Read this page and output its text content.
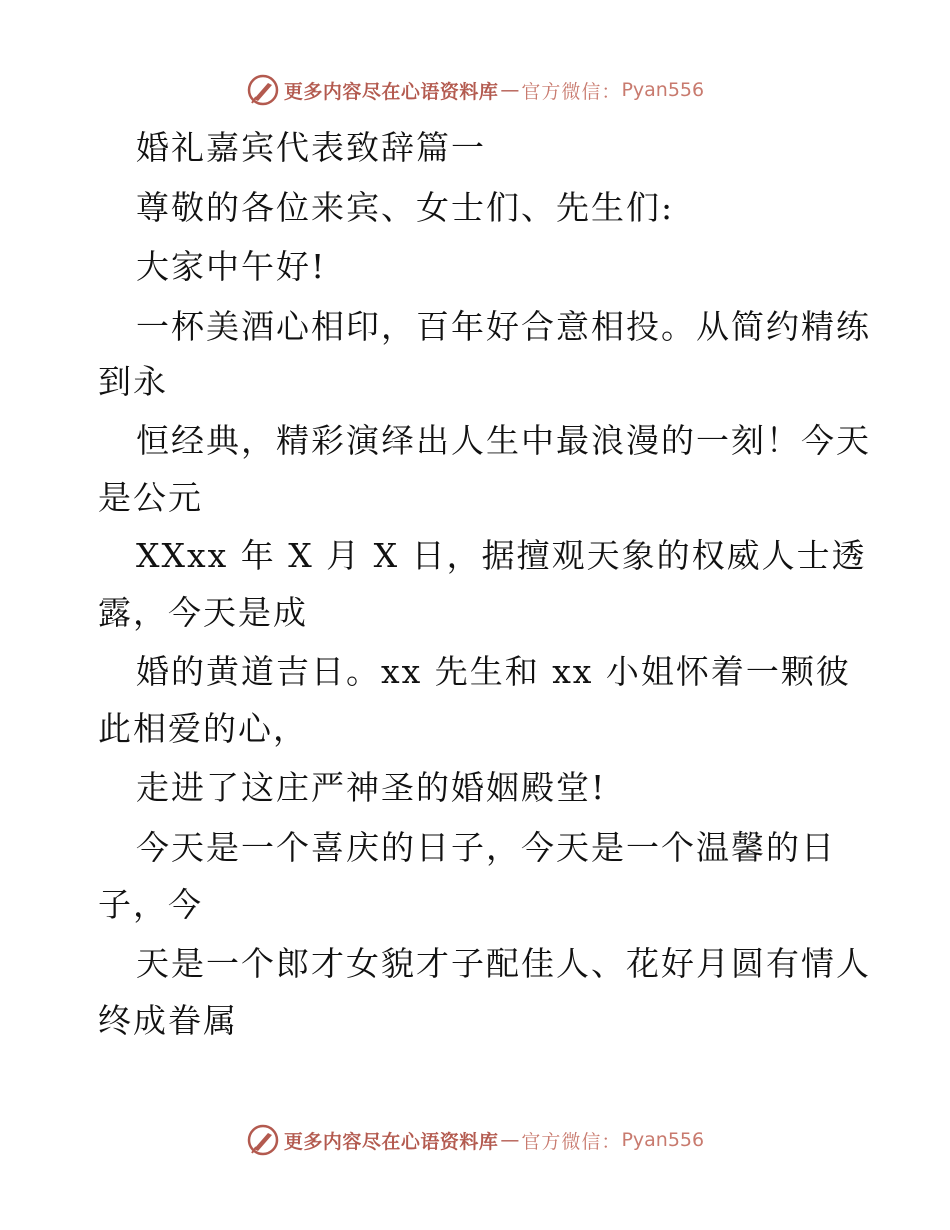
更多内容尽在心语资料库 — 官方微信： Pyan556
婚礼嘉宾代表致辞篇一
尊敬的各位来宾、女士们、先生们:
大家中午好!
一杯美酒心相印，百年好合意相投。从简约精练
到永
恒经典，精彩演绎出人生中最浪漫的一刻！今天
是公元
XXxx 年 X 月 X 日，据擅观天象的权威人士透
露，今天是成
婚的黄道吉日。xx 先生和 xx 小姐怀着一颗彼
此相爱的心，
走进了这庄严神圣的婚姻殿堂!
今天是一个喜庆的日子，今天是一个温馨的日
子，今
天是一个郎才女貌才子配佳人、花好月圆有情人
终成眷属
更多内容尽在心语资料库 — 官方微信： Pyan556
